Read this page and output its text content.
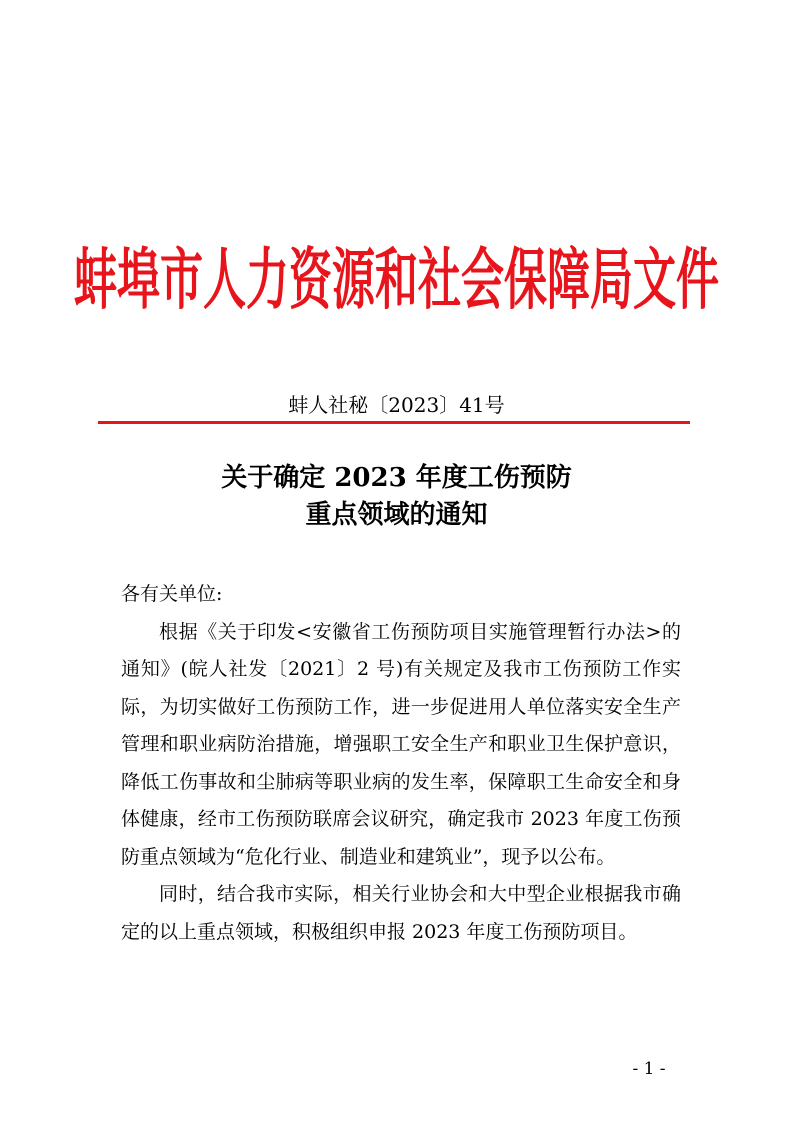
蚌埠市人力资源和社会保障局文件
蚌人社秘〔2023〕41号
关于确定 2023 年度工伤预防
重点领域的通知
各有关单位:
根据《关于印发<安徽省工伤预防项目实施管理暂行办法>的通知》(皖人社发〔2021〕2 号)有关规定及我市工伤预防工作实际，为切实做好工伤预防工作，进一步促进用人单位落实安全生产管理和职业病防治措施，增强职工安全生产和职业卫生保护意识，降低工伤事故和尘肺病等职业病的发生率，保障职工生命安全和身体健康，经市工伤预防联席会议研究，确定我市 2023 年度工伤预防重点领域为“危化行业、制造业和建筑业”，现予以公布。
同时，结合我市实际，相关行业协会和大中型企业根据我市确定的以上重点领域，积极组织申报 2023 年度工伤预防项目。
- 1 -
